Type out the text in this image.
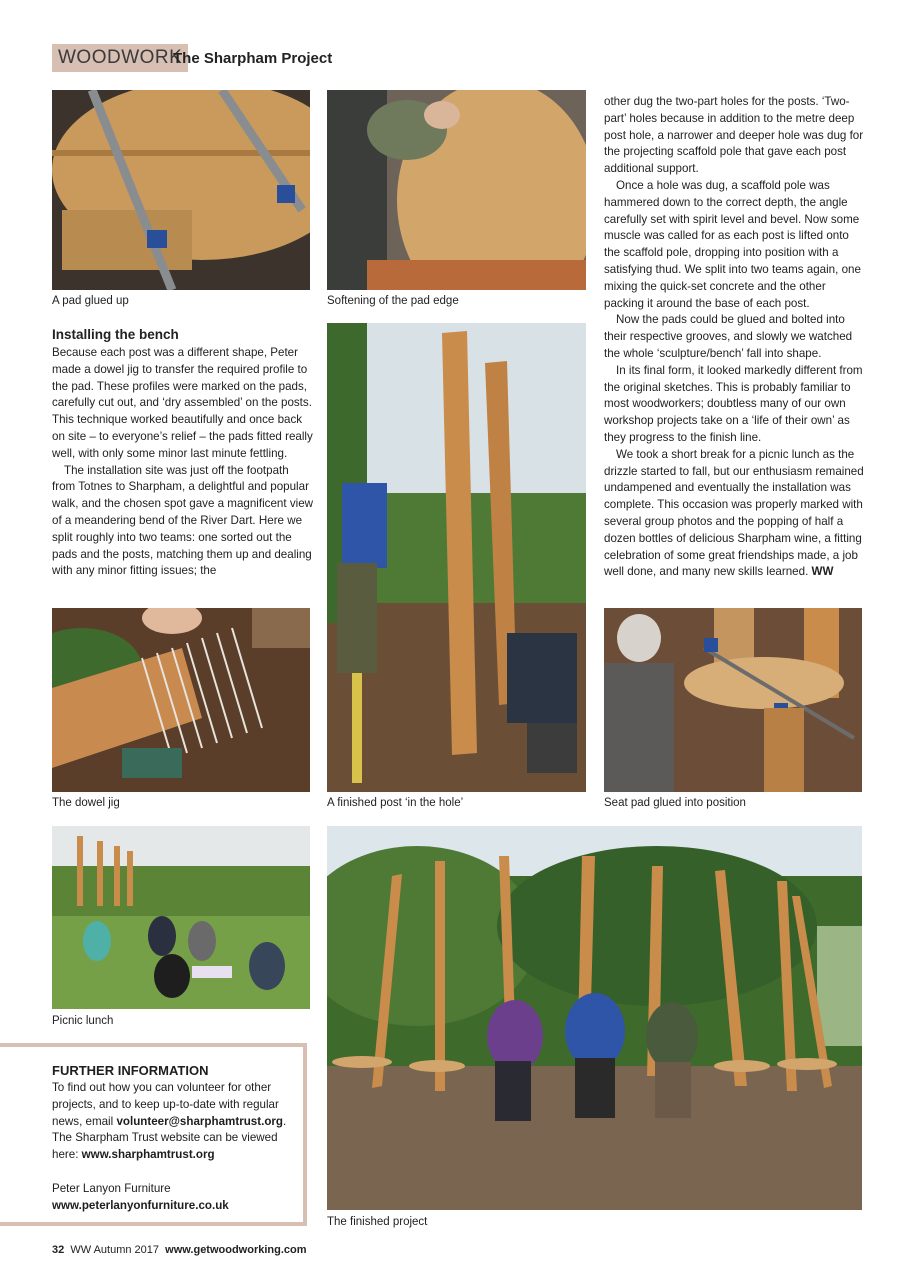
WOODWORK
The Sharpham Project
A pad glued up	Softening of the pad edge
Installing the bench

Because each post was a different shape, Peter made a dowel jig to transfer the required profile to the pad. These profiles were marked on the pads, carefully cut out, and ‘dry assembled’ on the posts. This technique worked beautifully and once back on site – to everyone’s relief – the pads fitted really well, with only some minor last minute fettling.

The installation site was just off the footpath from Totnes to Sharpham, a delightful and popular walk, and the chosen spot gave a magnificent view of a meandering bend of the River Dart. Here we split roughly into two teams: one sorted out the pads and the posts, matching them up and dealing with any minor fitting issues; the

other dug the two-part holes for the posts. ‘Two-part’ holes because in addition to the metre deep post hole, a narrower and deeper hole was dug for the projecting scaffold pole that gave each post additional support.

Once a hole was dug, a scaffold pole was hammered down to the correct depth, the angle carefully set with spirit level and bevel. Now some muscle was called for as each post is lifted onto the scaffold pole, dropping into position with a satisfying thud. We split into two teams again, one mixing the quick-set concrete and the other packing it around the base of each post.

Now the pads could be glued and bolted into their respective grooves, and slowly we watched the whole ‘sculpture/bench’ fall into shape.

In its final form, it looked markedly different from the original sketches. This is probably familiar to most woodworkers; doubtless many of our own workshop projects take on a ‘life of their own’ as they progress to the finish line.

We took a short break for a picnic lunch as the drizzle started to fall, but our enthusiasm remained undampened and eventually the installation was complete. This occasion was properly marked with several group photos and the popping of half a dozen bottles of delicious Sharpham wine, a fitting celebration of some great friendships made, a job well done, and many new skills learned. WW

A finished post ‘in the hole’
The dowel jig	Seat pad glued into position
Picnic lunch
The finished project
FURTHER INFORMATION
To find out how you can volunteer for other projects, and to keep up-to-date with regular news, email volunteer@sharphamtrust.org. The Sharpham Trust website can be viewed here: www.sharphamtrust.org
Peter Lanyon Furniture
www.peterlanyonfurniture.co.uk
32 WW Autumn 2017 www.getwoodworking.com
